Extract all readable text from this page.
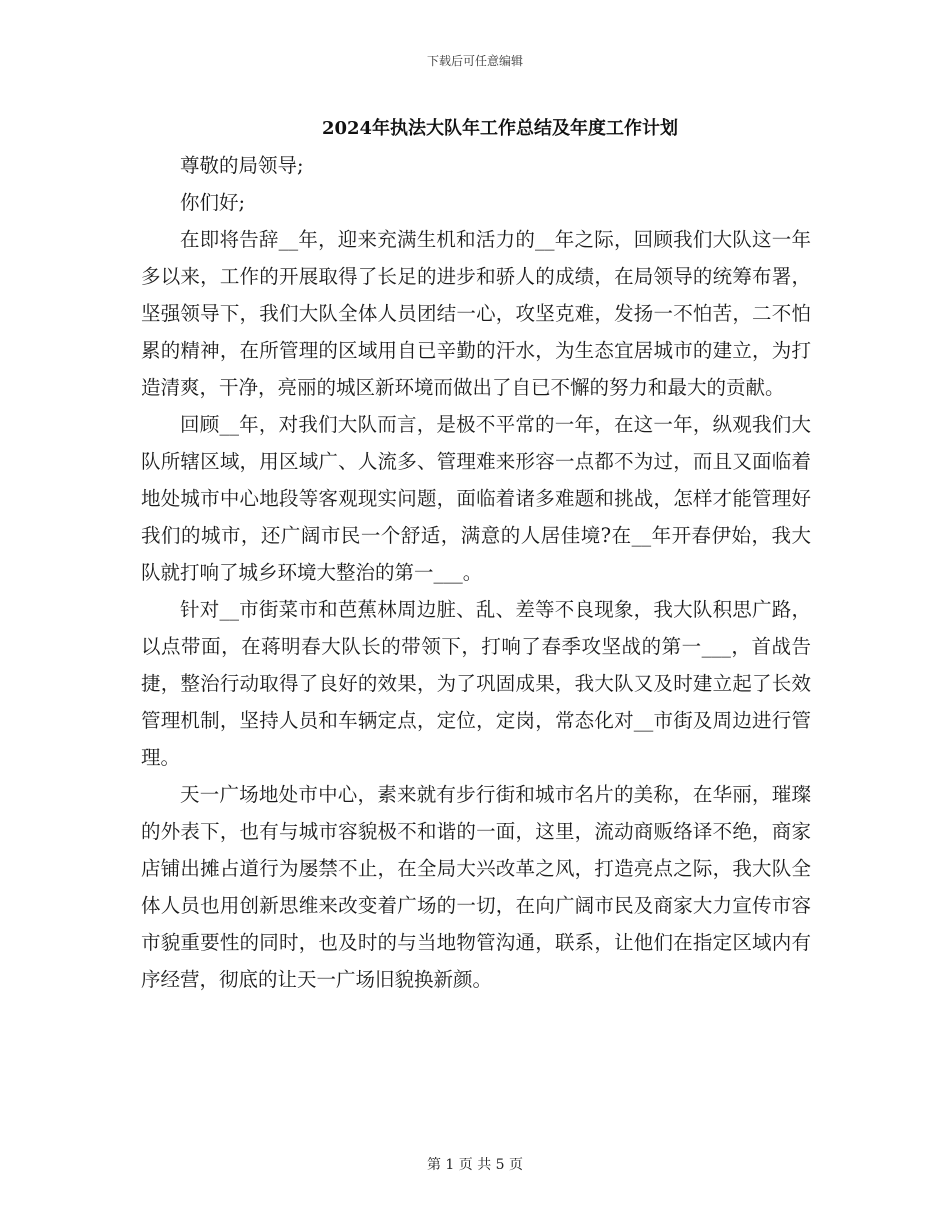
下载后可任意编辑
2024年执法大队年工作总结及年度工作计划

尊敬的局领导;

你们好;

在即将告辞__年，迎来充满生机和活力的__年之际，回顾我们大队这一年多以来，工作的开展取得了长足的进步和骄人的成绩，在局领导的统筹布署，坚强领导下，我们大队全体人员团结一心，攻坚克难，发扬一不怕苦，二不怕累的精神，在所管理的区域用自已辛勤的汗水，为生态宜居城市的建立，为打造清爽，干净，亮丽的城区新环境而做出了自已不懈的努力和最大的贡献。

回顾__年，对我们大队而言，是极不平常的一年，在这一年，纵观我们大队所辖区域，用区域广、人流多、管理难来形容一点都不为过，而且又面临着地处城市中心地段等客观现实问题，面临着诸多难题和挑战，怎样才能管理好我们的城市，还广阔市民一个舒适，满意的人居佳境?在__年开春伊始，我大队就打响了城乡环境大整治的第一___。

针对__市街菜市和芭蕉林周边脏、乱、差等不良现象，我大队积思广路，以点带面，在蒋明春大队长的带领下，打响了春季攻坚战的第一___，首战告捷，整治行动取得了良好的效果，为了巩固成果，我大队又及时建立起了长效管理机制，坚持人员和车辆定点，定位，定岗，常态化对__市街及周边进行管理。

天一广场地处市中心，素来就有步行街和城市名片的美称，在华丽，璀璨的外表下，也有与城市容貌极不和谐的一面，这里，流动商贩络译不绝，商家店铺出摊占道行为屡禁不止，在全局大兴改革之风，打造亮点之际，我大队全体人员也用创新思维来改变着广场的一切，在向广阔市民及商家大力宣传市容市貌重要性的同时，也及时的与当地物管沟通，联系，让他们在指定区域内有序经营，彻底的让天一广场旧貌换新颜。

第 1 页 共 5 页
